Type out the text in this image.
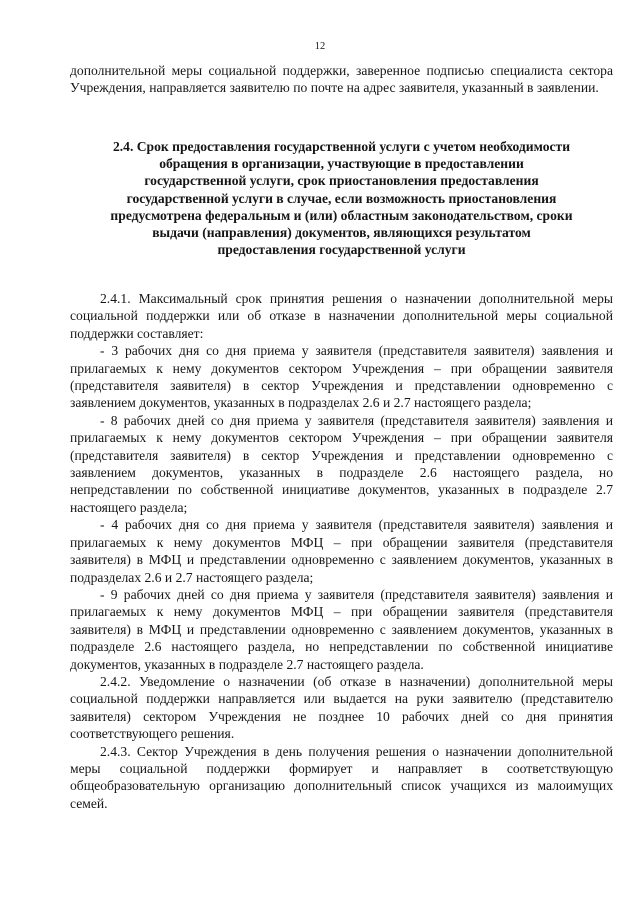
12

дополнительной меры социальной поддержки, заверенное подписью специалиста сектора Учреждения, направляется заявителю по почте на адрес заявителя, указанный в заявлении.

2.4. Срок предоставления государственной услуги с учетом необходимости обращения в организации, участвующие в предоставлении государственной услуги, срок приостановления предоставления государственной услуги в случае, если возможность приостановления предусмотрена федеральным и (или) областным законодательством, сроки выдачи (направления) документов, являющихся результатом предоставления государственной услуги

2.4.1. Максимальный срок принятия решения о назначении дополнительной меры социальной поддержки или об отказе в назначении дополнительной меры социальной поддержки составляет:

- 3 рабочих дня со дня приема у заявителя (представителя заявителя) заявления и прилагаемых к нему документов сектором Учреждения – при обращении заявителя (представителя заявителя) в сектор Учреждения и представлении одновременно с заявлением документов, указанных в подразделах 2.6 и 2.7 настоящего раздела;

- 8 рабочих дней со дня приема у заявителя (представителя заявителя) заявления и прилагаемых к нему документов сектором Учреждения – при обращении заявителя (представителя заявителя) в сектор Учреждения и представлении одновременно с заявлением документов, указанных в подразделе 2.6 настоящего раздела, но непредставлении по собственной инициативе документов, указанных в подразделе 2.7 настоящего раздела;

- 4 рабочих дня со дня приема у заявителя (представителя заявителя) заявления и прилагаемых к нему документов МФЦ – при обращении заявителя (представителя заявителя) в МФЦ и представлении одновременно с заявлением документов, указанных в подразделах 2.6 и 2.7 настоящего раздела;

- 9 рабочих дней со дня приема у заявителя (представителя заявителя) заявления и прилагаемых к нему документов МФЦ – при обращении заявителя (представителя заявителя) в МФЦ и представлении одновременно с заявлением документов, указанных в подразделе 2.6 настоящего раздела, но непредставлении по собственной инициативе документов, указанных в подразделе 2.7 настоящего раздела.

2.4.2. Уведомление о назначении (об отказе в назначении) дополнительной меры социальной поддержки направляется или выдается на руки заявителю (представителю заявителя) сектором Учреждения не позднее 10 рабочих дней со дня принятия соответствующего решения.

2.4.3. Сектор Учреждения в день получения решения о назначении дополнительной меры социальной поддержки формирует и направляет в соответствующую общеобразовательную организацию дополнительный список учащихся из малоимущих семей.
